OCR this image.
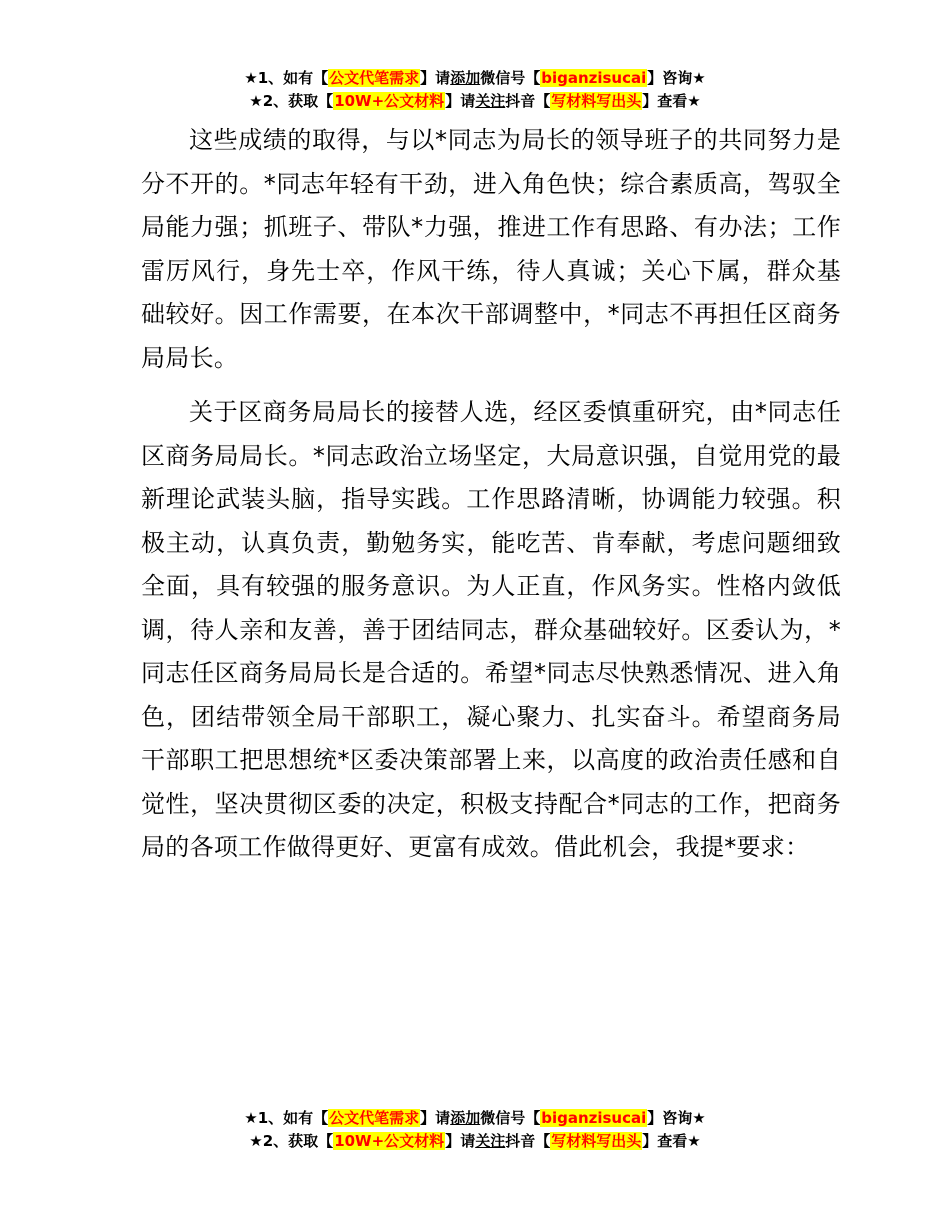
★1、如有【公文代笔需求】请添加微信号【biganzisucai】咨询★
★2、获取【10W+公文材料】请关注抖音【写材料写出头】查看★

这些成绩的取得，与以*同志为局长的领导班子的共同努力是分不开的。*同志年轻有干劲，进入角色快；综合素质高，驾驭全局能力强；抓班子、带队*力强，推进工作有思路、有办法；工作雷厉风行，身先士卒，作风干练，待人真诚；关心下属，群众基础较好。因工作需要，在本次干部调整中，*同志不再担任区商务局局长。

关于区商务局局长的接替人选，经区委慎重研究，由*同志任区商务局局长。*同志政治立场坚定，大局意识强，自觉用党的最新理论武装头脑，指导实践。工作思路清晰，协调能力较强。积极主动，认真负责，勤勉务实，能吃苦、肯奉献，考虑问题细致全面，具有较强的服务意识。为人正直，作风务实。性格内敛低调，待人亲和友善，善于团结同志，群众基础较好。区委认为，*同志任区商务局局长是合适的。希望*同志尽快熟悉情况、进入角色，团结带领全局干部职工，凝心聚力、扎实奋斗。希望商务局干部职工把思想统*区委决策部署上来，以高度的政治责任感和自觉性，坚决贯彻区委的决定，积极支持配合*同志的工作，把商务局的各项工作做得更好、更富有成效。借此机会，我提*要求：

★1、如有【公文代笔需求】请添加微信号【biganzisucai】咨询★
★2、获取【10W+公文材料】请关注抖音【写材料写出头】查看★
